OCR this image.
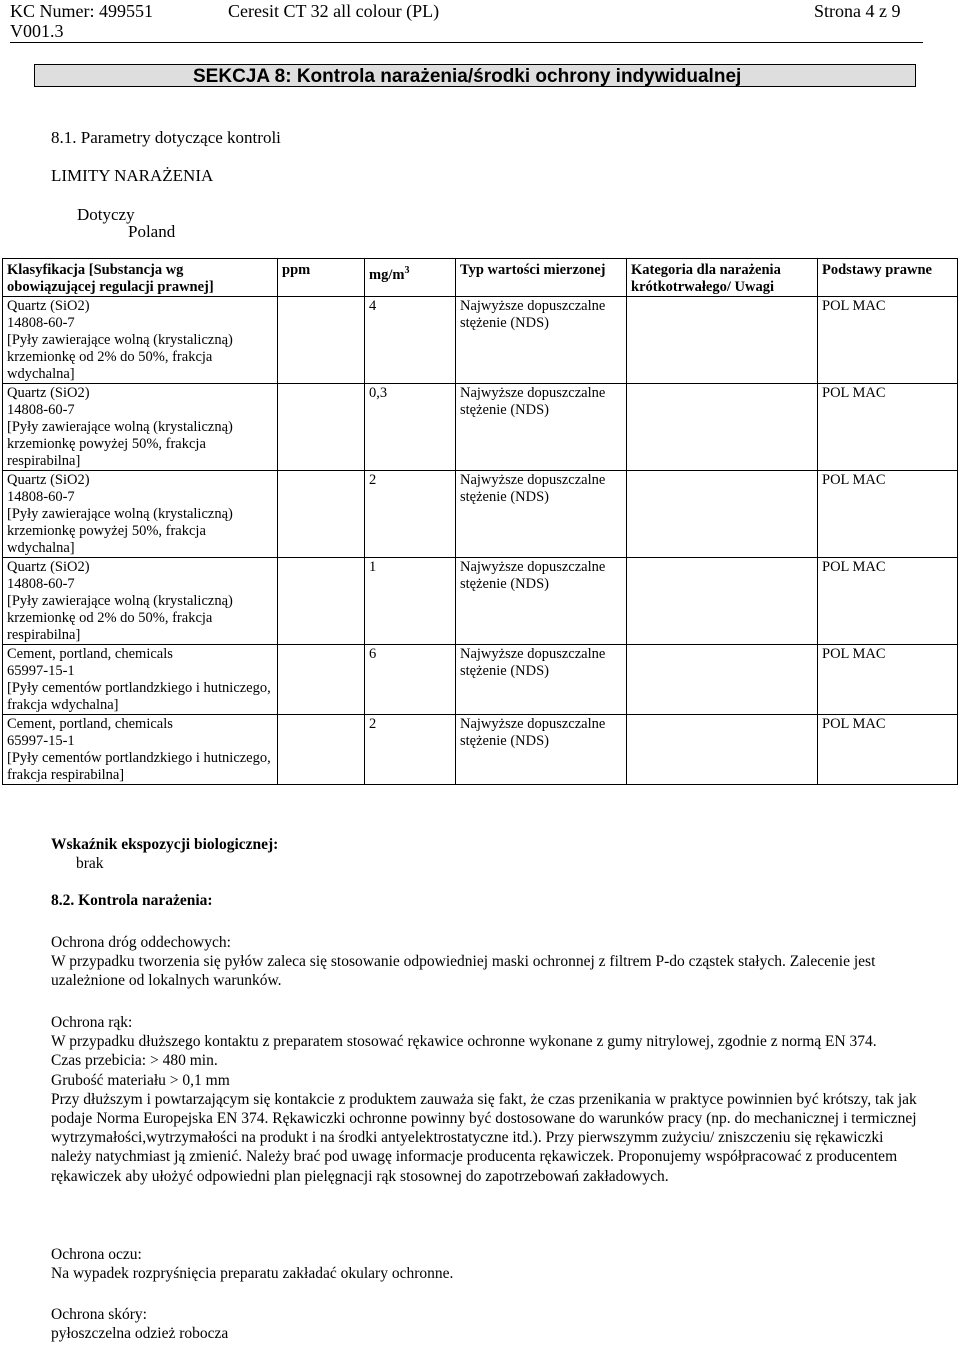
KC Numer: 499551
V001.3
Ceresit CT 32 all colour (PL)	Strona 4 z 9
SEKCJA 8: Kontrola narażenia/środki ochrony indywidualnej
8.1. Parametry dotyczące kontroli
LIMITY NARAŻENIA
Dotyczy
Poland
Klasyfikacja [Substancja wg obowiązującej regulacji prawnej]	ppm	$mg/m^3$	Typ wartości mierzonej	Kategoria dla narażenia krótkotrwałego/ Uwagi	Podstawy prawne

Quartz (SiO2)
14808-60-7
[Pyły zawierające wolną (krystaliczną) krzemionkę od 2% do 50%, frakcja wdychalna]		4	Najwyższe dopuszczalne stężenie (NDS)		POL MAC

Quartz (SiO2)
14808-60-7
[Pyły zawierające wolną (krystaliczną) krzemionkę powyżej 50%, frakcja respirabilna]		0,3	Najwyższe dopuszczalne stężenie (NDS)		POL MAC

Quartz (SiO2)
14808-60-7
[Pyły zawierające wolną (krystaliczną) krzemionkę powyżej 50%, frakcja wdychalna]		2	Najwyższe dopuszczalne stężenie (NDS)		POL MAC

Quartz (SiO2)
14808-60-7
[Pyły zawierające wolną (krystaliczną) krzemionkę od 2% do 50%, frakcja respirabilna]		1	Najwyższe dopuszczalne stężenie (NDS)		POL MAC

Cement, portland, chemicals
65997-15-1
[Pyły cementów portlandzkiego i hutniczego, frakcja wdychalna]		6	Najwyższe dopuszczalne stężenie (NDS)		POL MAC

Cement, portland, chemicals
65997-15-1
[Pyły cementów portlandzkiego i hutniczego, frakcja respirabilna]		2	Najwyższe dopuszczalne stężenie (NDS)		POL MAC
Wskaźnik ekspozycji biologicznej:
brak
8.2. Kontrola narażenia:
Ochrona dróg oddechowych:
W przypadku tworzenia się pyłów zaleca się stosowanie odpowiedniej maski ochronnej z filtrem P-do cząstek stałych. Zalecenie jest uzależnione od lokalnych warunków.
Ochrona rąk:
W przypadku dłuższego kontaktu z preparatem stosować rękawice ochronne wykonane z gumy nitrylowej, zgodnie z normą EN 374.
Czas przebicia: > 480 min.
Grubość materiału > 0,1 mm
Przy dłuższym i powtarzającym się kontakcie z produktem zauważa się fakt, że czas przenikania w praktyce powinnien być krótszy, tak jak podaje Norma Europejska EN 374. Rękawiczki ochronne powinny być dostosowane do warunków pracy (np. do mechanicznej i termicznej wytrzymałości,wytrzymałości na produkt i na środki antyelektrostatyczne itd.). Przy pierwszymm zużyciu/ zniszczeniu się rękawiczki należy natychmiast ją zmienić. Należy brać pod uwagę informacje producenta rękawiczek. Proponujemy współpracować z producentem rękawiczek aby ułożyć odpowiedni plan pielęgnacji rąk stosownej do zapotrzebowań zakładowych.
Ochrona oczu:
Na wypadek rozpryśnięcia preparatu zakładać okulary ochronne.
Ochrona skóry:
pyłoszczelna odzież robocza
